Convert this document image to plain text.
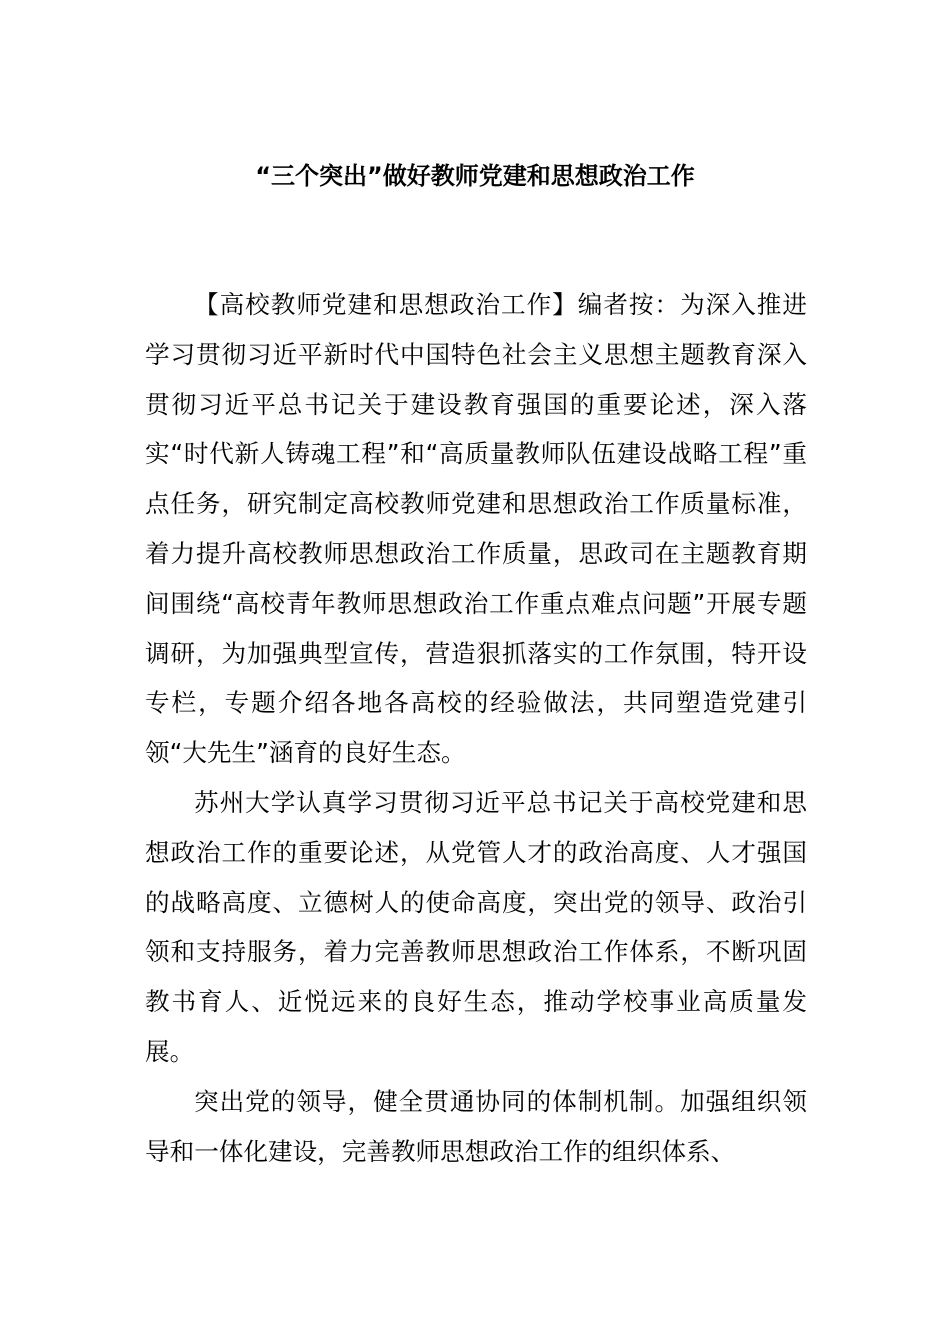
“三个突出”做好教师党建和思想政治工作

【高校教师党建和思想政治工作】编者按：为深入推进学习贯彻习近平新时代中国特色社会主义思想主题教育深入贯彻习近平总书记关于建设教育强国的重要论述，深入落实“时代新人铸魂工程”和“高质量教师队伍建设战略工程”重点任务，研究制定高校教师党建和思想政治工作质量标准，着力提升高校教师思想政治工作质量，思政司在主题教育期间围绕“高校青年教师思想政治工作重点难点问题”开展专题调研，为加强典型宣传，营造狠抓落实的工作氛围，特开设专栏，专题介绍各地各高校的经验做法，共同塑造党建引领“大先生”涵育的良好生态。

苏州大学认真学习贯彻习近平总书记关于高校党建和思想政治工作的重要论述，从党管人才的政治高度、人才强国的战略高度、立德树人的使命高度，突出党的领导、政治引领和支持服务，着力完善教师思想政治工作体系，不断巩固教书育人、近悦远来的良好生态，推动学校事业高质量发展。

突出党的领导，健全贯通协同的体制机制。加强组织领导和一体化建设，完善教师思想政治工作的组织体系、
